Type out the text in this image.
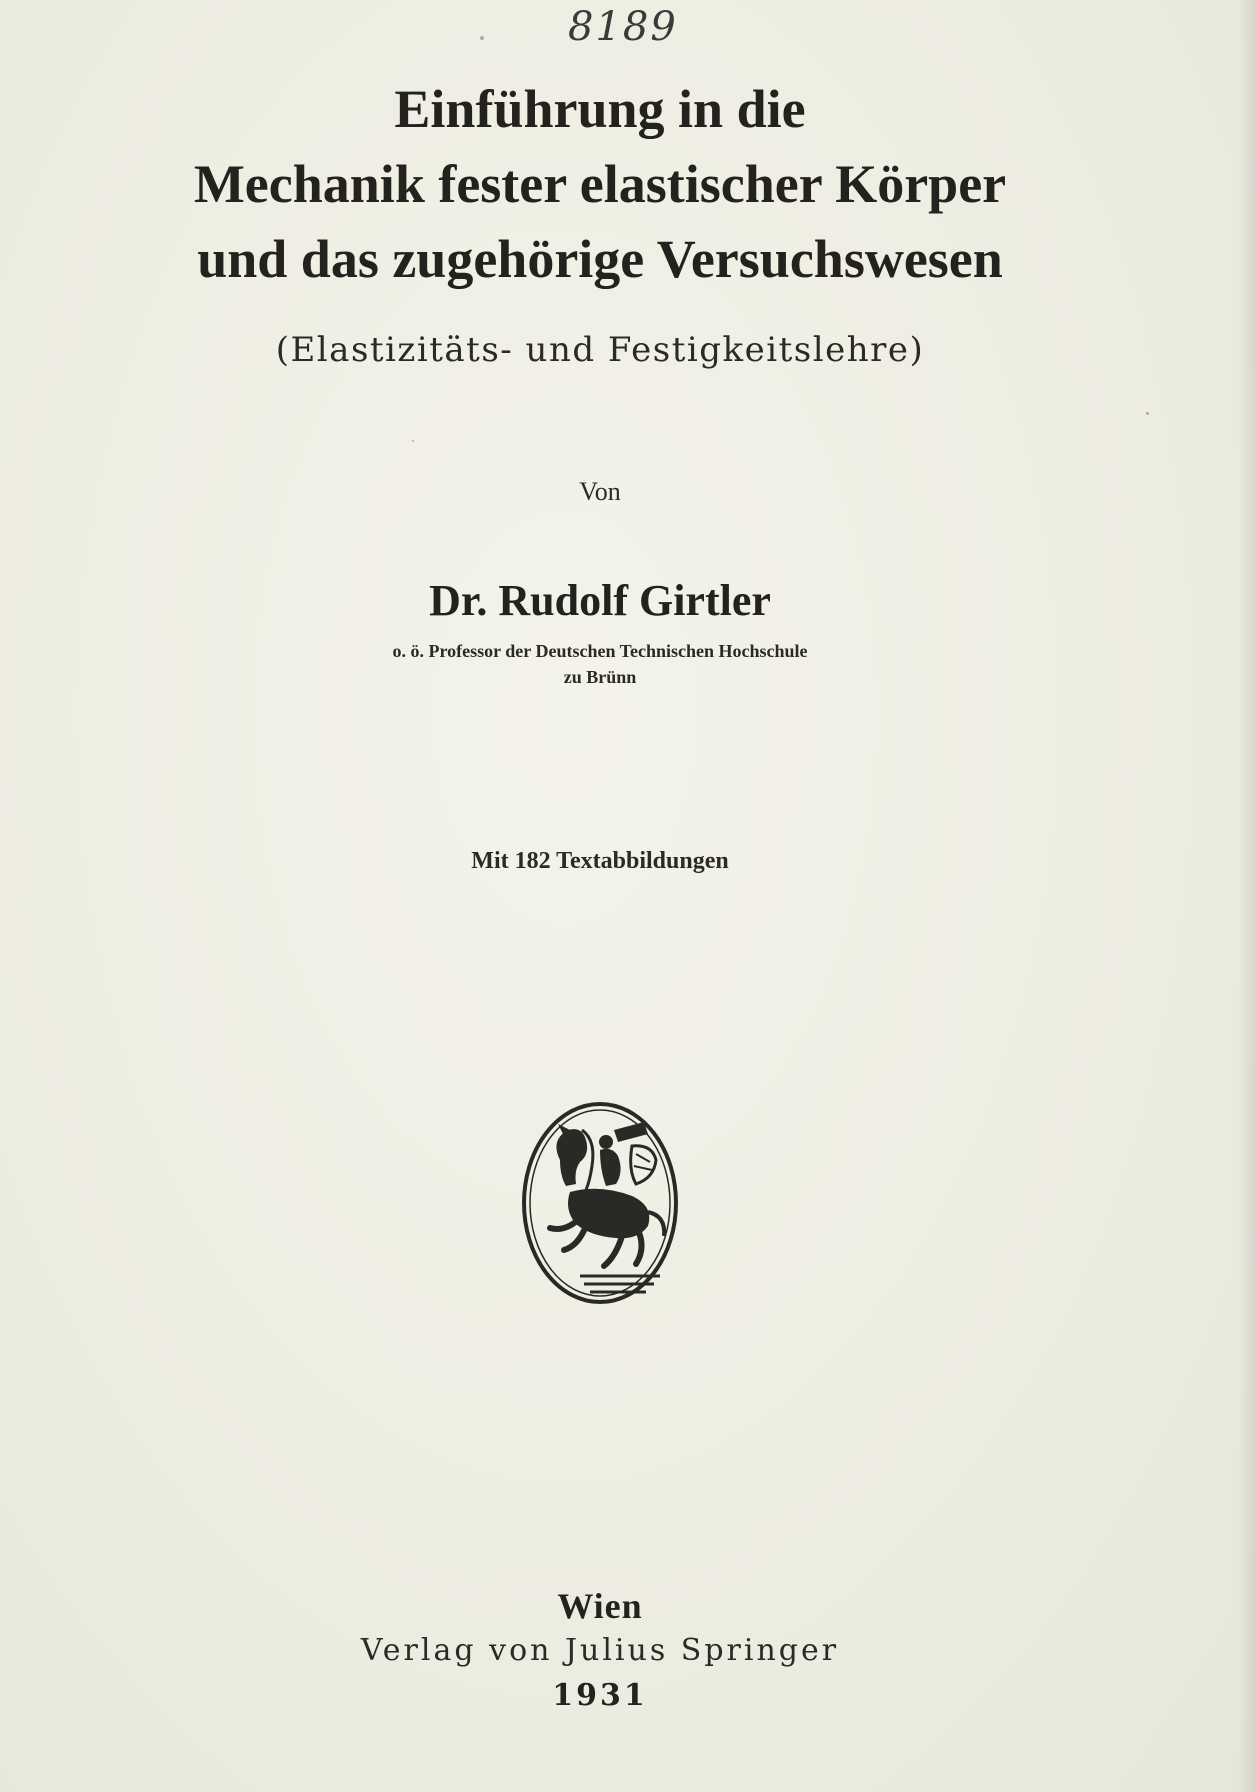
8189
Einführung in die
Mechanik fester elastischer Körper
und das zugehörige Versuchswesen
(Elastizitäts- und Festigkeitslehre)
Von
Dr. Rudolf Girtler
o. ö. Professor der Deutschen Technischen Hochschule
zu Brünn
Mit 182 Textabbildungen
Wien
Verlag von Julius Springer
1931
